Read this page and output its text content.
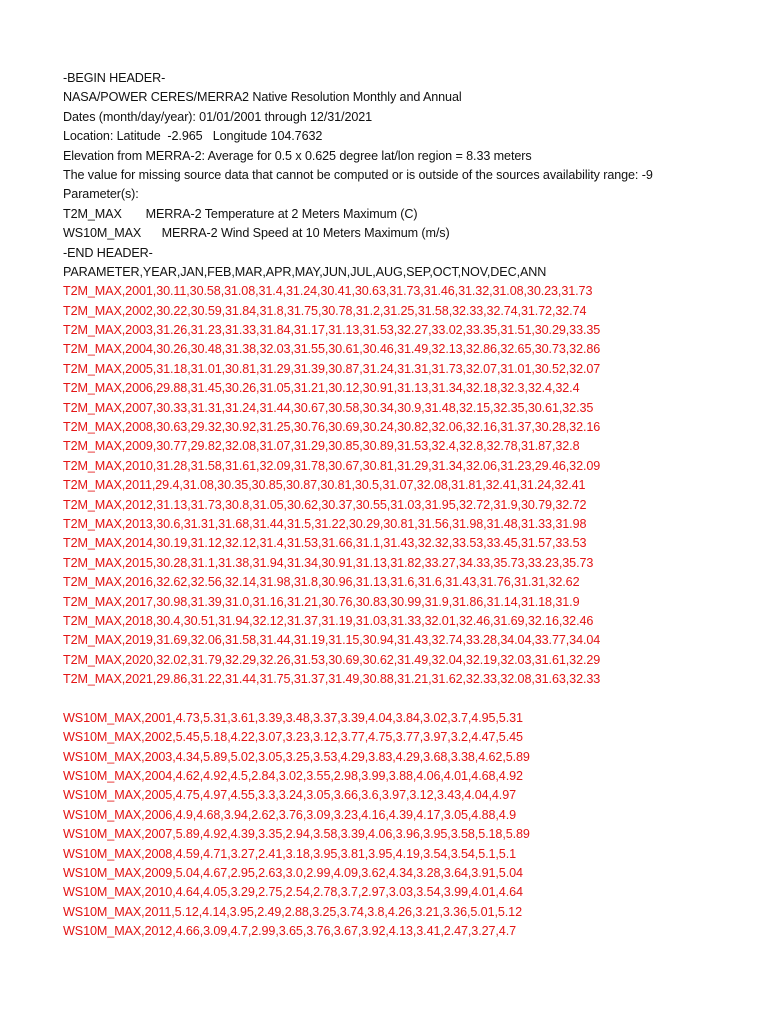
-BEGIN HEADER-
NASA/POWER CERES/MERRA2 Native Resolution Monthly and Annual
Dates (month/day/year): 01/01/2001 through 12/31/2021
Location: Latitude  -2.965   Longitude 104.7632
Elevation from MERRA-2: Average for 0.5 x 0.625 degree lat/lon region = 8.33 meters
The value for missing source data that cannot be computed or is outside of the sources availability range: -9
Parameter(s):
T2M_MAX       MERRA-2 Temperature at 2 Meters Maximum (C)
WS10M_MAX      MERRA-2 Wind Speed at 10 Meters Maximum (m/s)
-END HEADER-
PARAMETER,YEAR,JAN,FEB,MAR,APR,MAY,JUN,JUL,AUG,SEP,OCT,NOV,DEC,ANN
T2M_MAX,2001,30.11,30.58,31.08,31.4,31.24,30.41,30.63,31.73,31.46,31.32,31.08,30.23,31.73
T2M_MAX,2002,30.22,30.59,31.84,31.8,31.75,30.78,31.2,31.25,31.58,32.33,32.74,31.72,32.74
T2M_MAX,2003,31.26,31.23,31.33,31.84,31.17,31.13,31.53,32.27,33.02,33.35,31.51,30.29,33.35
T2M_MAX,2004,30.26,30.48,31.38,32.03,31.55,30.61,30.46,31.49,32.13,32.86,32.65,30.73,32.86
T2M_MAX,2005,31.18,31.01,30.81,31.29,31.39,30.87,31.24,31.31,31.73,32.07,31.01,30.52,32.07
T2M_MAX,2006,29.88,31.45,30.26,31.05,31.21,30.12,30.91,31.13,31.34,32.18,32.3,32.4,32.4
T2M_MAX,2007,30.33,31.31,31.24,31.44,30.67,30.58,30.34,30.9,31.48,32.15,32.35,30.61,32.35
T2M_MAX,2008,30.63,29.32,30.92,31.25,30.76,30.69,30.24,30.82,32.06,32.16,31.37,30.28,32.16
T2M_MAX,2009,30.77,29.82,32.08,31.07,31.29,30.85,30.89,31.53,32.4,32.8,32.78,31.87,32.8
T2M_MAX,2010,31.28,31.58,31.61,32.09,31.78,30.67,30.81,31.29,31.34,32.06,31.23,29.46,32.09
T2M_MAX,2011,29.4,31.08,30.35,30.85,30.87,30.81,30.5,31.07,32.08,31.81,32.41,31.24,32.41
T2M_MAX,2012,31.13,31.73,30.8,31.05,30.62,30.37,30.55,31.03,31.95,32.72,31.9,30.79,32.72
T2M_MAX,2013,30.6,31.31,31.68,31.44,31.5,31.22,30.29,30.81,31.56,31.98,31.48,31.33,31.98
T2M_MAX,2014,30.19,31.12,32.12,31.4,31.53,31.66,31.1,31.43,32.32,33.53,33.45,31.57,33.53
T2M_MAX,2015,30.28,31.1,31.38,31.94,31.34,30.91,31.13,31.82,33.27,34.33,35.73,33.23,35.73
T2M_MAX,2016,32.62,32.56,32.14,31.98,31.8,30.96,31.13,31.6,31.6,31.43,31.76,31.31,32.62
T2M_MAX,2017,30.98,31.39,31.0,31.16,31.21,30.76,30.83,30.99,31.9,31.86,31.14,31.18,31.9
T2M_MAX,2018,30.4,30.51,31.94,32.12,31.37,31.19,31.03,31.33,32.01,32.46,31.69,32.16,32.46
T2M_MAX,2019,31.69,32.06,31.58,31.44,31.19,31.15,30.94,31.43,32.74,33.28,34.04,33.77,34.04
T2M_MAX,2020,32.02,31.79,32.29,32.26,31.53,30.69,30.62,31.49,32.04,32.19,32.03,31.61,32.29
T2M_MAX,2021,29.86,31.22,31.44,31.75,31.37,31.49,30.88,31.21,31.62,32.33,32.08,31.63,32.33
WS10M_MAX,2001,4.73,5.31,3.61,3.39,3.48,3.37,3.39,4.04,3.84,3.02,3.7,4.95,5.31
WS10M_MAX,2002,5.45,5.18,4.22,3.07,3.23,3.12,3.77,4.75,3.77,3.97,3.2,4.47,5.45
WS10M_MAX,2003,4.34,5.89,5.02,3.05,3.25,3.53,4.29,3.83,4.29,3.68,3.38,4.62,5.89
WS10M_MAX,2004,4.62,4.92,4.5,2.84,3.02,3.55,2.98,3.99,3.88,4.06,4.01,4.68,4.92
WS10M_MAX,2005,4.75,4.97,4.55,3.3,3.24,3.05,3.66,3.6,3.97,3.12,3.43,4.04,4.97
WS10M_MAX,2006,4.9,4.68,3.94,2.62,3.76,3.09,3.23,4.16,4.39,4.17,3.05,4.88,4.9
WS10M_MAX,2007,5.89,4.92,4.39,3.35,2.94,3.58,3.39,4.06,3.96,3.95,3.58,5.18,5.89
WS10M_MAX,2008,4.59,4.71,3.27,2.41,3.18,3.95,3.81,3.95,4.19,3.54,3.54,5.1,5.1
WS10M_MAX,2009,5.04,4.67,2.95,2.63,3.0,2.99,4.09,3.62,4.34,3.28,3.64,3.91,5.04
WS10M_MAX,2010,4.64,4.05,3.29,2.75,2.54,2.78,3.7,2.97,3.03,3.54,3.99,4.01,4.64
WS10M_MAX,2011,5.12,4.14,3.95,2.49,2.88,3.25,3.74,3.8,4.26,3.21,3.36,5.01,5.12
WS10M_MAX,2012,4.66,3.09,4.7,2.99,3.65,3.76,3.67,3.92,4.13,3.41,2.47,3.27,4.7
